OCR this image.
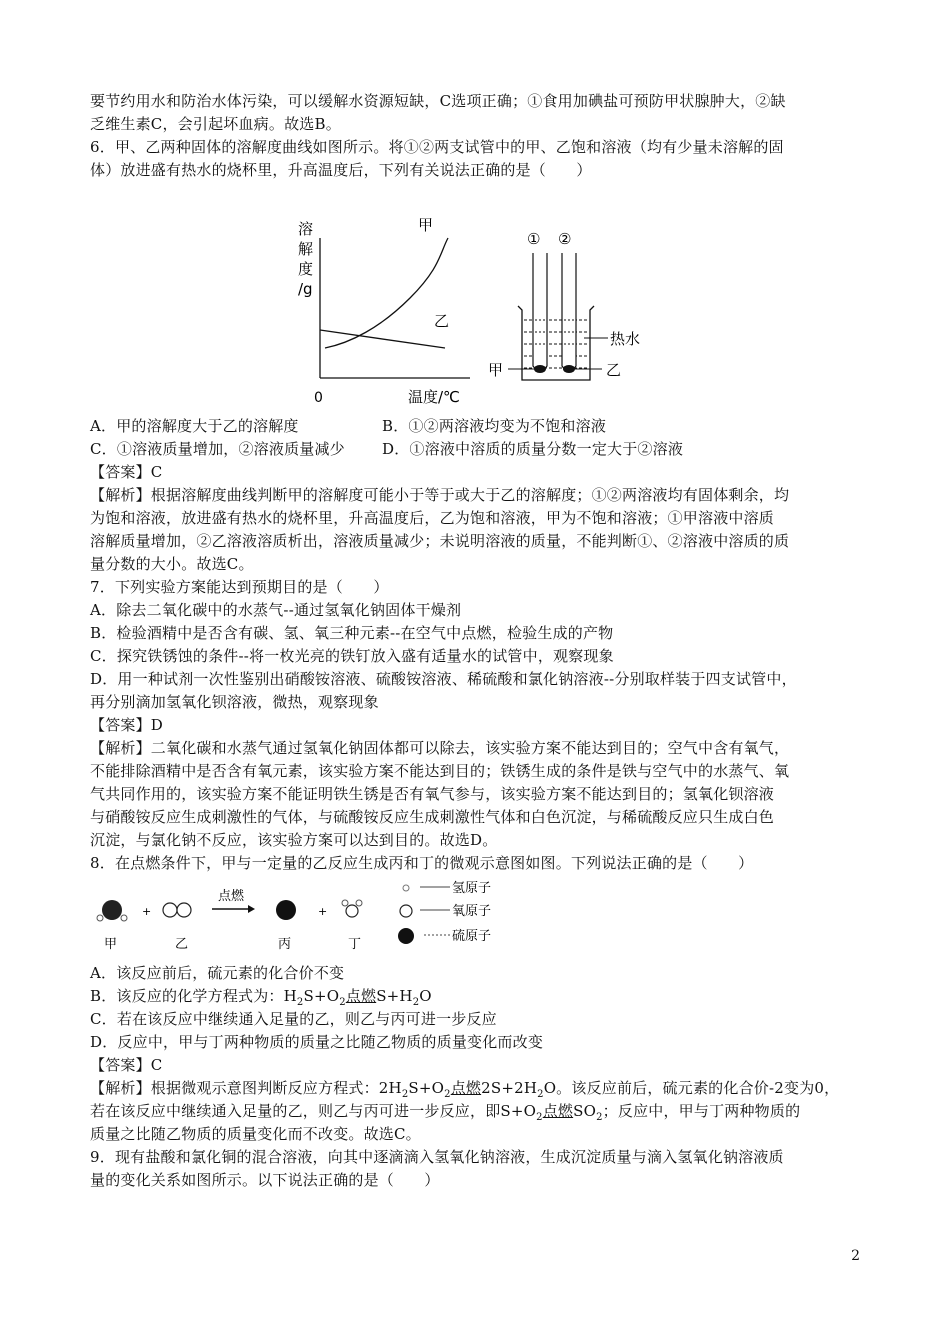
要节约用水和防治水体污染，可以缓解水资源短缺，C选项正确；①食用加碘盐可预防甲状腺肿大，②缺
乏维生素C，会引起坏血病。故选B。
6．甲、乙两种固体的溶解度曲线如图所示。将①②两支试管中的甲、乙饱和溶液（均有少量未溶解的固
体）放进盛有热水的烧杯里，升高温度后，下列有关说法正确的是（　　）
溶
解
度
/g
0	温度/℃
甲
乙
① ②
热水
甲	乙
A．甲的溶解度大于乙的溶解度	B．①②两溶液均变为不饱和溶液
C．①溶液质量增加，②溶液质量减少 D．①溶液中溶质的质量分数一定大于②溶液
【答案】C
【解析】根据溶解度曲线判断甲的溶解度可能小于等于或大于乙的溶解度；①②两溶液均有固体剩余，均
为饱和溶液，放进盛有热水的烧杯里，升高温度后，乙为饱和溶液，甲为不饱和溶液；①甲溶液中溶质
溶解质量增加，②乙溶液溶质析出，溶液质量减少；未说明溶液的质量，不能判断①、②溶液中溶质的质
量分数的大小。故选C。
7．下列实验方案能达到预期目的是（　　）
A．除去二氧化碳中的水蒸气--通过氢氧化钠固体干燥剂
B．检验酒精中是否含有碳、氢、氧三种元素--在空气中点燃，检验生成的产物
C．探究铁锈蚀的条件--将一枚光亮的铁钉放入盛有适量水的试管中，观察现象
D．用一种试剂一次性鉴别出硝酸铵溶液、硫酸铵溶液、稀硫酸和氯化钠溶液--分别取样装于四支试管中，
再分别滴加氢氧化钡溶液，微热，观察现象
【答案】D
【解析】二氧化碳和水蒸气通过氢氧化钠固体都可以除去，该实验方案不能达到目的；空气中含有氧气，
不能排除酒精中是否含有氧元素，该实验方案不能达到目的；铁锈生成的条件是铁与空气中的水蒸气、氧
气共同作用的，该实验方案不能证明铁生锈是否有氧气参与，该实验方案不能达到目的；氢氧化钡溶液
与硝酸铵反应生成刺激性的气体，与硫酸铵反应生成刺激性气体和白色沉淀，与稀硫酸反应只生成白色
沉淀，与氯化钠不反应，该实验方案可以达到目的。故选D。
8．在点燃条件下，甲与一定量的乙反应生成丙和丁的微观示意图如图。下列说法正确的是（　　）
+
点燃
+
甲	乙	丙	丁
氢原子
氧原子
硫原子
A．该反应前后，硫元素的化合价不变
B．该反应的化学方程式为：$H_2S+O_2$点燃$S+H_2O$
C．若在该反应中继续通入足量的乙，则乙与丙可进一步反应
D．反应中，甲与丁两种物质的质量之比随乙物质的质量变化而改变
【答案】C
【解析】根据微观示意图判断反应方程式：$2H_2S+O_2$点燃$2S+2H_2O$。该反应前后，硫元素的化合价-2变为0，
若在该反应中继续通入足量的乙，则乙与丙可进一步反应，即$S+O_2$点燃$SO_2$；反应中，甲与丁两种物质的
质量之比随乙物质的质量变化而不改变。故选C。
9．现有盐酸和氯化铜的混合溶液，向其中逐滴滴入氢氧化钠溶液，生成沉淀质量与滴入氢氧化钠溶液质
量的变化关系如图所示。以下说法正确的是（　　）
2
